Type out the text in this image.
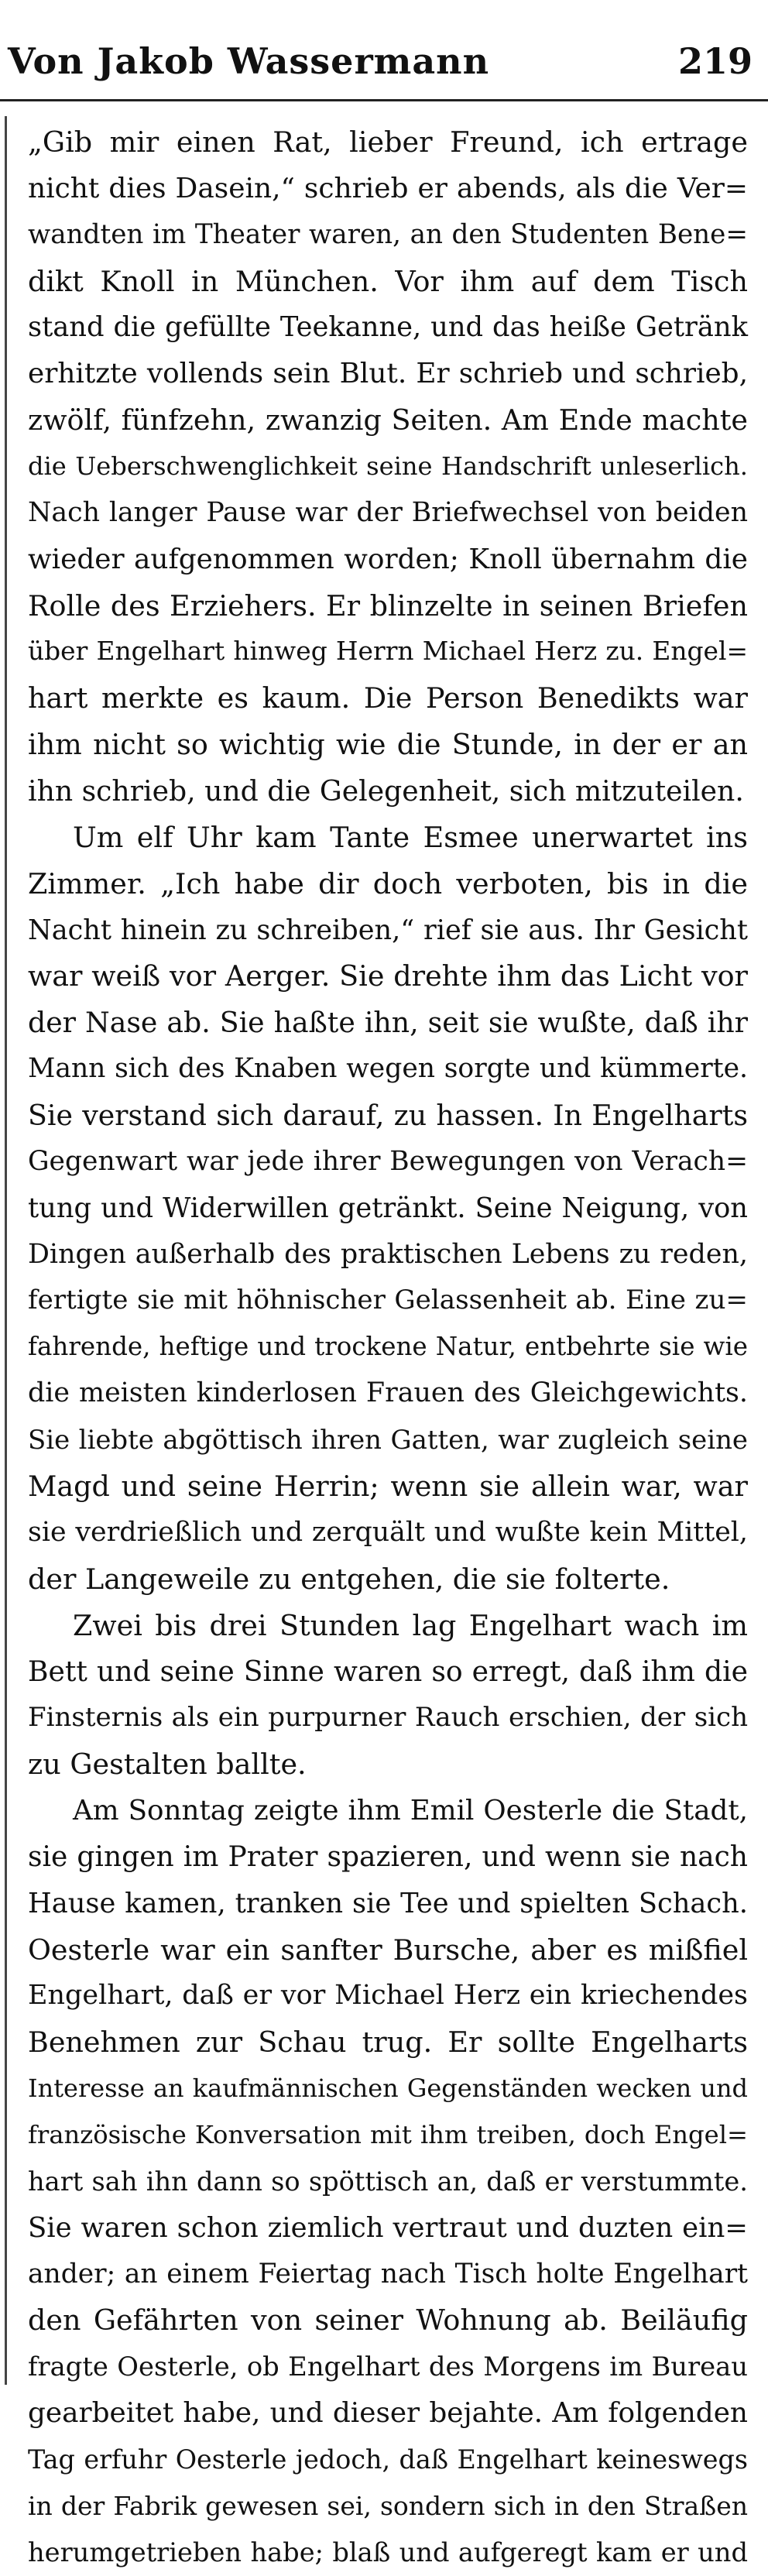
Von Jakob Wassermann	219
„Gib mir einen Rat, lieber Freund, ich ertrage
nicht dies Dasein,“ schrieb er abends, als die Ver=
wandten im Theater waren, an den Studenten Bene=
dikt Knoll in München. Vor ihm auf dem Tisch
stand die gefüllte Teekanne, und das heiße Getränk
erhitzte vollends sein Blut. Er schrieb und schrieb,
zwölf, fünfzehn, zwanzig Seiten. Am Ende machte
die Ueberschwenglichkeit seine Handschrift unleserlich.
Nach langer Pause war der Briefwechsel von beiden
wieder aufgenommen worden; Knoll übernahm die
Rolle des Erziehers. Er blinzelte in seinen Briefen
über Engelhart hinweg Herrn Michael Herz zu. Engel=
hart merkte es kaum. Die Person Benedikts war
ihm nicht so wichtig wie die Stunde, in der er an
ihn schrieb, und die Gelegenheit, sich mitzuteilen.
Um elf Uhr kam Tante Esmee unerwartet ins
Zimmer. „Ich habe dir doch verboten, bis in die
Nacht hinein zu schreiben,“ rief sie aus. Ihr Gesicht
war weiß vor Aerger. Sie drehte ihm das Licht vor
der Nase ab. Sie haßte ihn, seit sie wußte, daß ihr
Mann sich des Knaben wegen sorgte und kümmerte.
Sie verstand sich darauf, zu hassen. In Engelharts
Gegenwart war jede ihrer Bewegungen von Verach=
tung und Widerwillen getränkt. Seine Neigung, von
Dingen außerhalb des praktischen Lebens zu reden,
fertigte sie mit höhnischer Gelassenheit ab. Eine zu=
fahrende, heftige und trockene Natur, entbehrte sie wie
die meisten kinderlosen Frauen des Gleichgewichts.
Sie liebte abgöttisch ihren Gatten, war zugleich seine
Magd und seine Herrin; wenn sie allein war, war
sie verdrießlich und zerquält und wußte kein Mittel,
der Langeweile zu entgehen, die sie folterte.
Zwei bis drei Stunden lag Engelhart wach im
Bett und seine Sinne waren so erregt, daß ihm die
Finsternis als ein purpurner Rauch erschien, der sich
zu Gestalten ballte.
Am Sonntag zeigte ihm Emil Oesterle die Stadt,
sie gingen im Prater spazieren, und wenn sie nach
Hause kamen, tranken sie Tee und spielten Schach.
Oesterle war ein sanfter Bursche, aber es mißfiel
Engelhart, daß er vor Michael Herz ein kriechendes
Benehmen zur Schau trug. Er sollte Engelharts
Interesse an kaufmännischen Gegenständen wecken und
französische Konversation mit ihm treiben, doch Engel=
hart sah ihn dann so spöttisch an, daß er verstummte.
Sie waren schon ziemlich vertraut und duzten ein=
ander; an einem Feiertag nach Tisch holte Engelhart
den Gefährten von seiner Wohnung ab. Beiläufig
fragte Oesterle, ob Engelhart des Morgens im Bureau
gearbeitet habe, und dieser bejahte. Am folgenden
Tag erfuhr Oesterle jedoch, daß Engelhart keineswegs
in der Fabrik gewesen sei, sondern sich in den Straßen
herumgetrieben habe; blaß und aufgeregt kam er und
